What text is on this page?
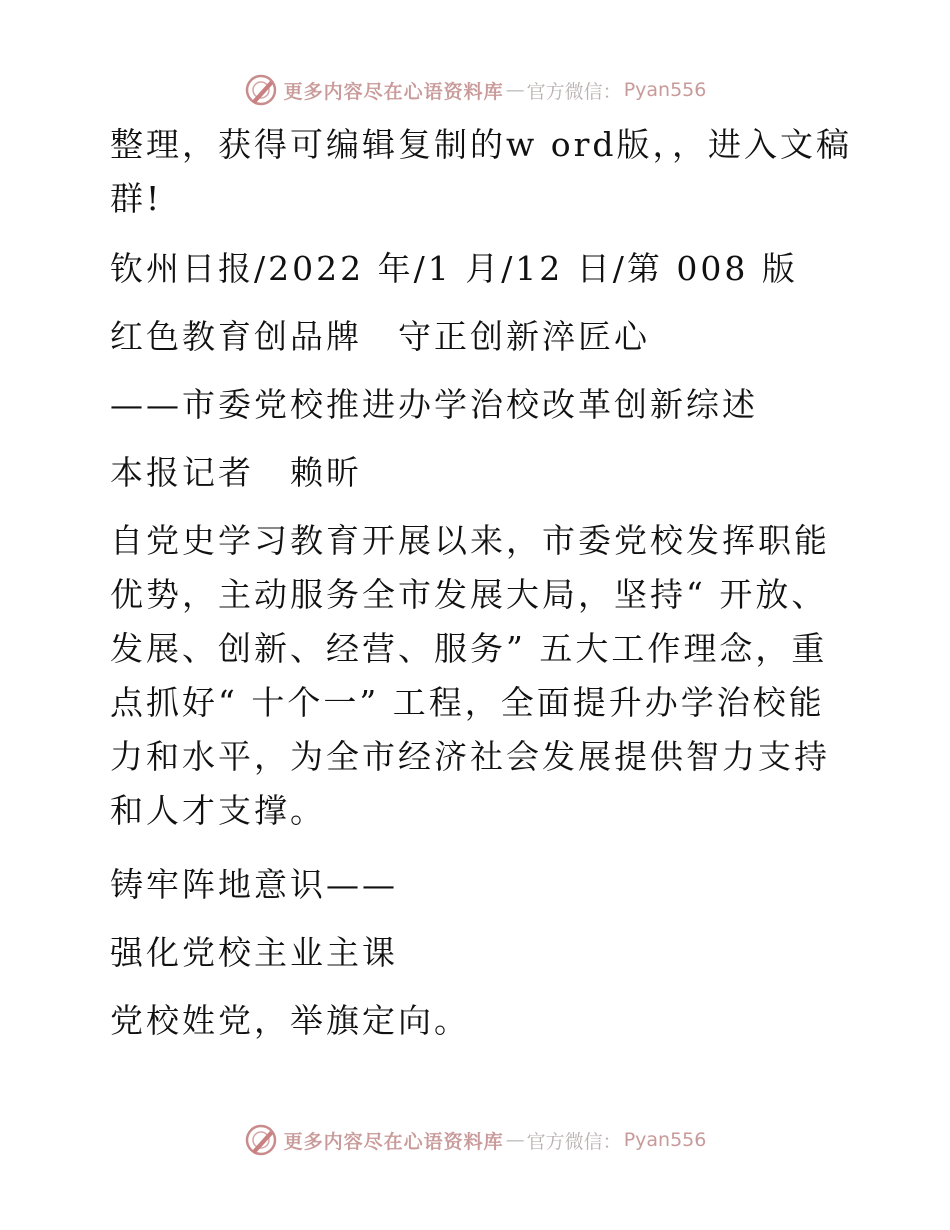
更多内容尽在心语资料库 — 官方微信： Pyan556

整理，获得可编辑复制的w ord版，，进入文稿群!

钦州日报/2022 年/1 月/12 日/第 008 版

红色教育创品牌　守正创新淬匠心

——市委党校推进办学治校改革创新综述

本报记者　赖昕

自党史学习教育开展以来，市委党校发挥职能优势，主动服务全市发展大局，坚持“ 开放、发展、创新、经营、服务” 五大工作理念，重点抓好“ 十个一” 工程，全面提升办学治校能力和水平，为全市经济社会发展提供智力支持和人才支撑。

铸牢阵地意识——

强化党校主业主课

党校姓党，举旗定向。

更多内容尽在心语资料库 — 官方微信： Pyan556
